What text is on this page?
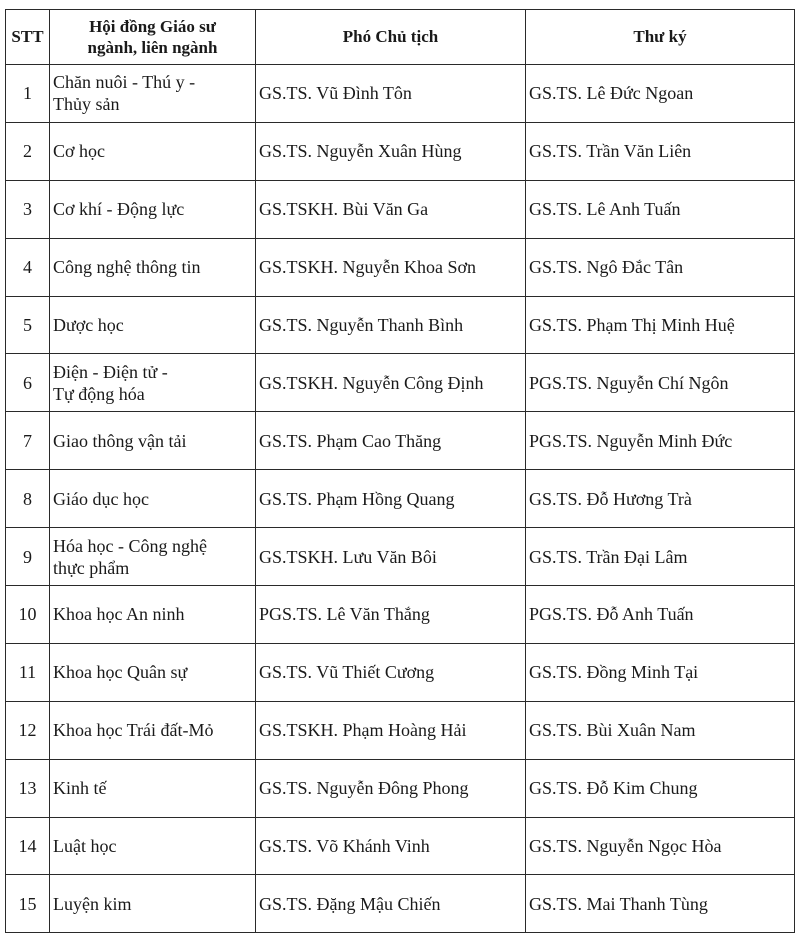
STT	Hội đồng Giáo sư
ngành, liên ngành	Phó Chủ tịch	Thư ký
1	Chăn nuôi - Thú y -
Thủy sản	GS.TS. Vũ Đình Tôn	GS.TS. Lê Đức Ngoan
2	Cơ học	GS.TS. Nguyễn Xuân Hùng	GS.TS. Trần Văn Liên
3	Cơ khí - Động lực	GS.TSKH. Bùi Văn Ga	GS.TS. Lê Anh Tuấn
4	Công nghệ thông tin	GS.TSKH. Nguyễn Khoa Sơn	GS.TS. Ngô Đắc Tân
5	Dược học	GS.TS. Nguyễn Thanh Bình	GS.TS. Phạm Thị Minh Huệ
6	Điện - Điện tử -
Tự động hóa	GS.TSKH. Nguyễn Công Định	PGS.TS. Nguyễn Chí Ngôn
7	Giao thông vận tải	GS.TS. Phạm Cao Thăng	PGS.TS. Nguyễn Minh Đức
8	Giáo dục học	GS.TS. Phạm Hồng Quang	GS.TS. Đỗ Hương Trà
9	Hóa học - Công nghệ
thực phẩm	GS.TSKH. Lưu Văn Bôi	GS.TS. Trần Đại Lâm
10	Khoa học An ninh	PGS.TS. Lê Văn Thắng	PGS.TS. Đỗ Anh Tuấn
11	Khoa học Quân sự	GS.TS. Vũ Thiết Cương	GS.TS. Đồng Minh Tại
12	Khoa học Trái đất-Mỏ	GS.TSKH. Phạm Hoàng Hải	GS.TS. Bùi Xuân Nam
13	Kinh tế	GS.TS. Nguyễn Đông Phong	GS.TS. Đỗ Kim Chung
14	Luật học	GS.TS. Võ Khánh Vinh	GS.TS. Nguyễn Ngọc Hòa
15	Luyện kim	GS.TS. Đặng Mậu Chiến	GS.TS. Mai Thanh Tùng
